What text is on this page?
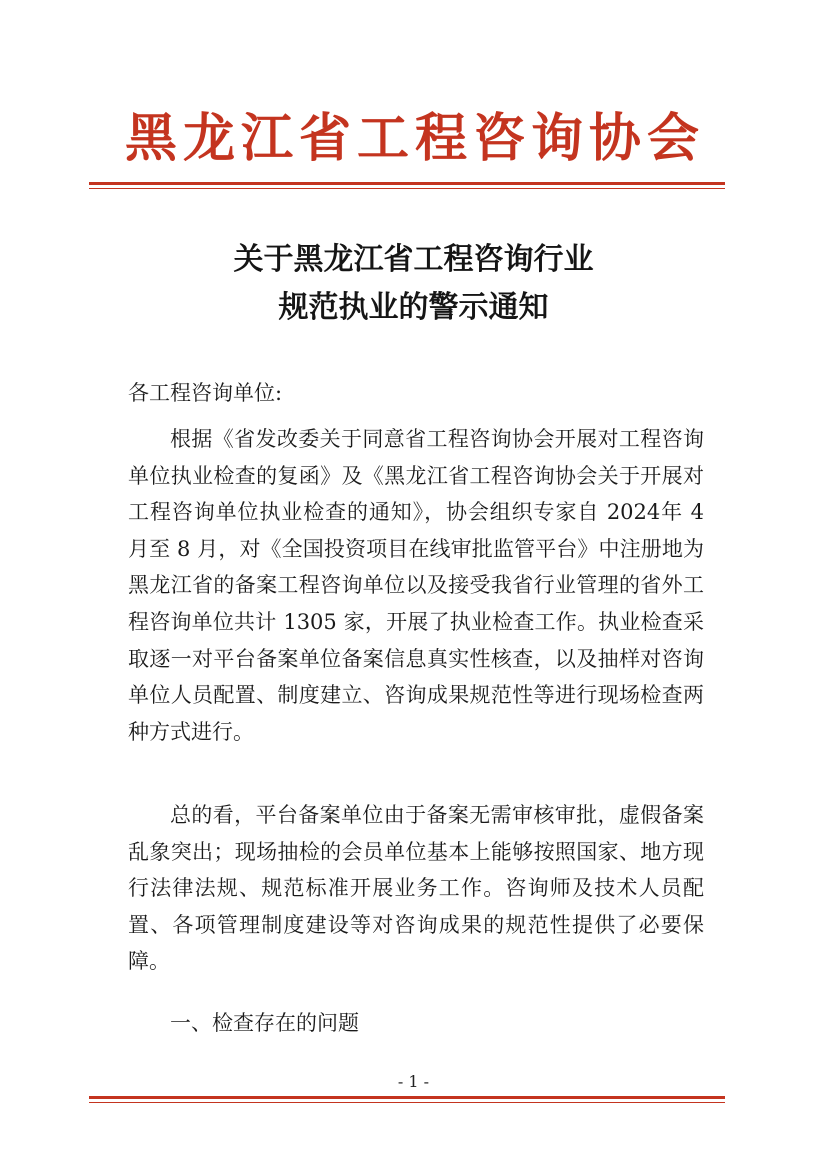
黑龙江省工程咨询协会
关于黑龙江省工程咨询行业
规范执业的警示通知
各工程咨询单位:
根据《省发改委关于同意省工程咨询协会开展对工程咨询单位执业检查的复函》及《黑龙江省工程咨询协会关于开展对工程咨询单位执业检查的通知》，协会组织专家自 2024年 4 月至 8 月，对《全国投资项目在线审批监管平台》中注册地为黑龙江省的备案工程咨询单位以及接受我省行业管理的省外工程咨询单位共计 1305 家，开展了执业检查工作。执业检查采取逐一对平台备案单位备案信息真实性核查，以及抽样对咨询单位人员配置、制度建立、咨询成果规范性等进行现场检查两种方式进行。
总的看，平台备案单位由于备案无需审核审批，虚假备案乱象突出；现场抽检的会员单位基本上能够按照国家、地方现行法律法规、规范标准开展业务工作。咨询师及技术人员配置、各项管理制度建设等对咨询成果的规范性提供了必要保障。
一、检查存在的问题
- 1 -
